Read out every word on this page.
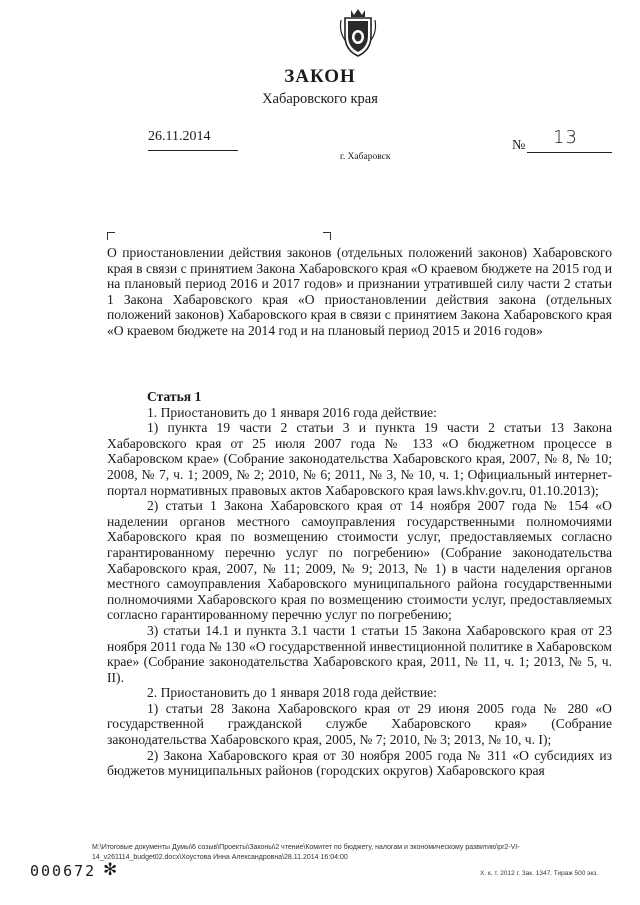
ЗАКОН
Хабаровского края
26.11.2014
№ 13
г. Хабаровск
О приостановлении действия законов (отдельных положений законов) Хабаровского края в связи с принятием Закона Хабаровского края «О краевом бюджете на 2015 год и на плановый период 2016 и 2017 годов» и признании утратившей силу части 2 статьи 1 Закона Хабаровского края «О приостановлении действия закона (отдельных положений законов) Хабаровского края в связи с принятием Закона Хабаровского края «О краевом бюджете на 2014 год и на плановый период 2015 и 2016 годов»

Статья 1

1. Приостановить до 1 января 2016 года действие:

1) пункта 19 части 2 статьи 3 и пункта 19 части 2 статьи 13 Закона Хабаровского края от 25 июля 2007 года № 133 «О бюджетном процессе в Хабаровском крае» (Собрание законодательства Хабаровского края, 2007, № 8, № 10; 2008, № 7, ч. 1; 2009, № 2; 2010, № 6; 2011, № 3, № 10, ч. 1; Официальный интернет-портал нормативных правовых актов Хабаровского края laws.khv.gov.ru, 01.10.2013);

2) статьи 1 Закона Хабаровского края от 14 ноября 2007 года № 154 «О наделении органов местного самоуправления государственными полномочиями Хабаровского края по возмещению стоимости услуг, предоставляемых согласно гарантированному перечню услуг по погребению» (Собрание законодательства Хабаровского края, 2007, № 11; 2009, № 9; 2013, № 1) в части наделения органов местного самоуправления Хабаровского муниципального района государственными полномочиями Хабаровского края по возмещению стоимости услуг, предоставляемых согласно гарантированному перечню услуг по погребению;

3) статьи 14.1 и пункта 3.1 части 1 статьи 15 Закона Хабаровского края от 23 ноября 2011 года № 130 «О государственной инвестиционной политике в Хабаровском крае» (Собрание законодательства Хабаровского края, 2011, № 11, ч. 1; 2013, № 5, ч. II).

2. Приостановить до 1 января 2018 года действие:

1) статьи 28 Закона Хабаровского края от 29 июня 2005 года № 280 «О государственной гражданской службе Хабаровского края» (Собрание законодательства Хабаровского края, 2005, № 7; 2010, № 3; 2013, № 10, ч. I);

2) Закона Хабаровского края от 30 ноября 2005 года № 311 «О субсидиях из бюджетов муниципальных районов (городских округов) Хабаровского края

M:\Итоговые документы Думы\6 созыв\Проекты\Законы\2 чтение\Комитет по бюджету, налогам и экономическому развитию\pr2-VI-14_v261114_budget02.docx\Хоустова Инна Александровна\28.11.2014 16:04:00
000672 ✻	Х. к. т. 2012 г. Зак. 1347. Тираж 500 экз.
